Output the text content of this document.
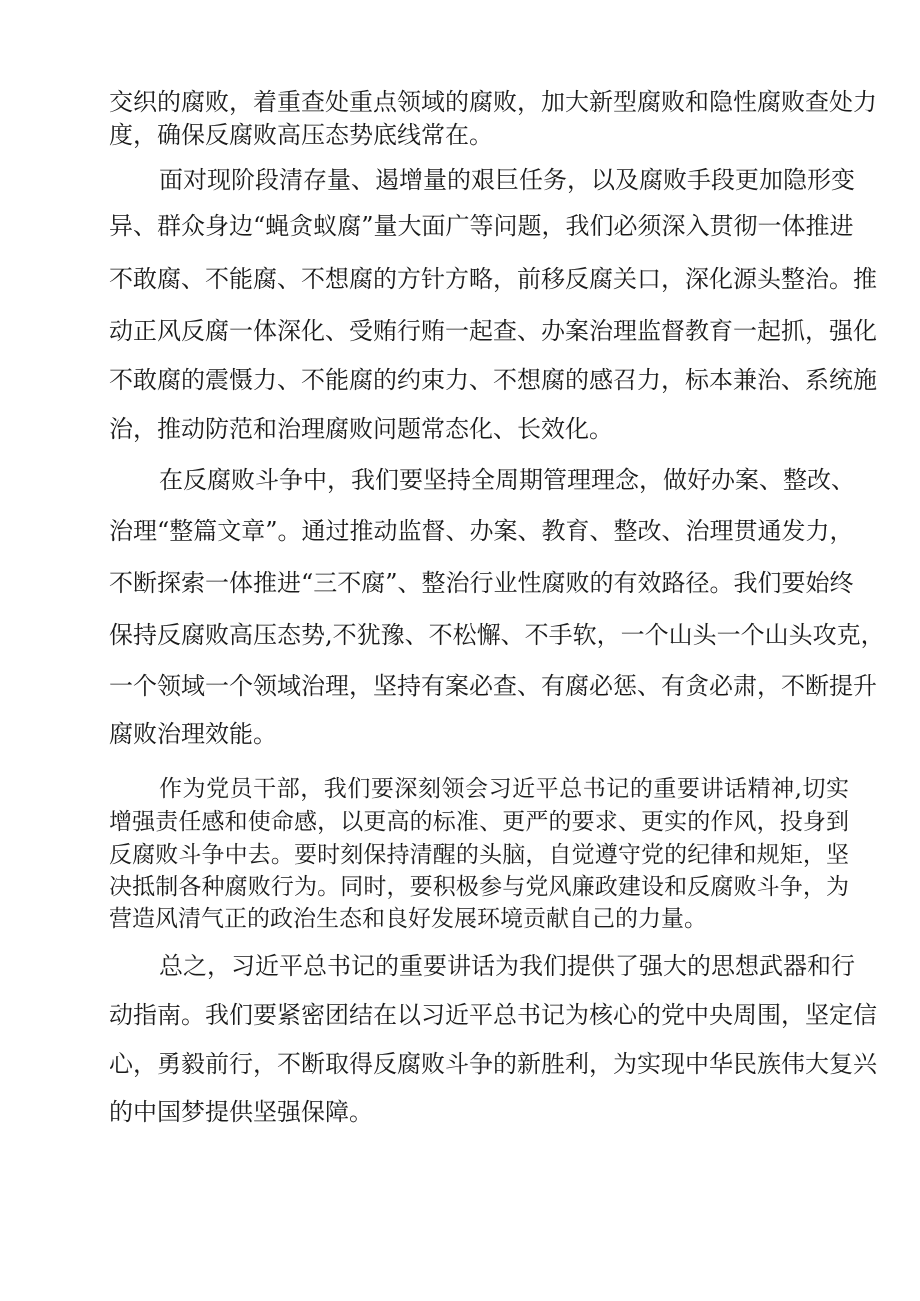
交织的腐败，着重查处重点领域的腐败，加大新型腐败和隐性腐败查处力
度，确保反腐败高压态势底线常在。
面对现阶段清存量、遏增量的艰巨任务，以及腐败手段更加隐形变
异、群众身边“蝇贪蚁腐”量大面广等问题，我们必须深入贯彻一体推进
不敢腐、不能腐、不想腐的方针方略，前移反腐关口，深化源头整治。推
动正风反腐一体深化、受贿行贿一起查、办案治理监督教育一起抓，强化
不敢腐的震慑力、不能腐的约束力、不想腐的感召力，标本兼治、系统施
治，推动防范和治理腐败问题常态化、长效化。
在反腐败斗争中，我们要坚持全周期管理理念，做好办案、整改、
治理“整篇文章”。通过推动监督、办案、教育、整改、治理贯通发力，
不断探索一体推进“三不腐”、整治行业性腐败的有效路径。我们要始终
保持反腐败高压态势,不犹豫、不松懈、不手软，一个山头一个山头攻克，
一个领域一个领域治理，坚持有案必查、有腐必惩、有贪必肃，不断提升
腐败治理效能。
作为党员干部，我们要深刻领会习近平总书记的重要讲话精神,切实
增强责任感和使命感，以更高的标准、更严的要求、更实的作风，投身到
反腐败斗争中去。要时刻保持清醒的头脑，自觉遵守党的纪律和规矩，坚
决抵制各种腐败行为。同时，要积极参与党风廉政建设和反腐败斗争，为
营造风清气正的政治生态和良好发展环境贡献自己的力量。
总之，习近平总书记的重要讲话为我们提供了强大的思想武器和行
动指南。我们要紧密团结在以习近平总书记为核心的党中央周围，坚定信
心，勇毅前行，不断取得反腐败斗争的新胜利，为实现中华民族伟大复兴
的中国梦提供坚强保障。
